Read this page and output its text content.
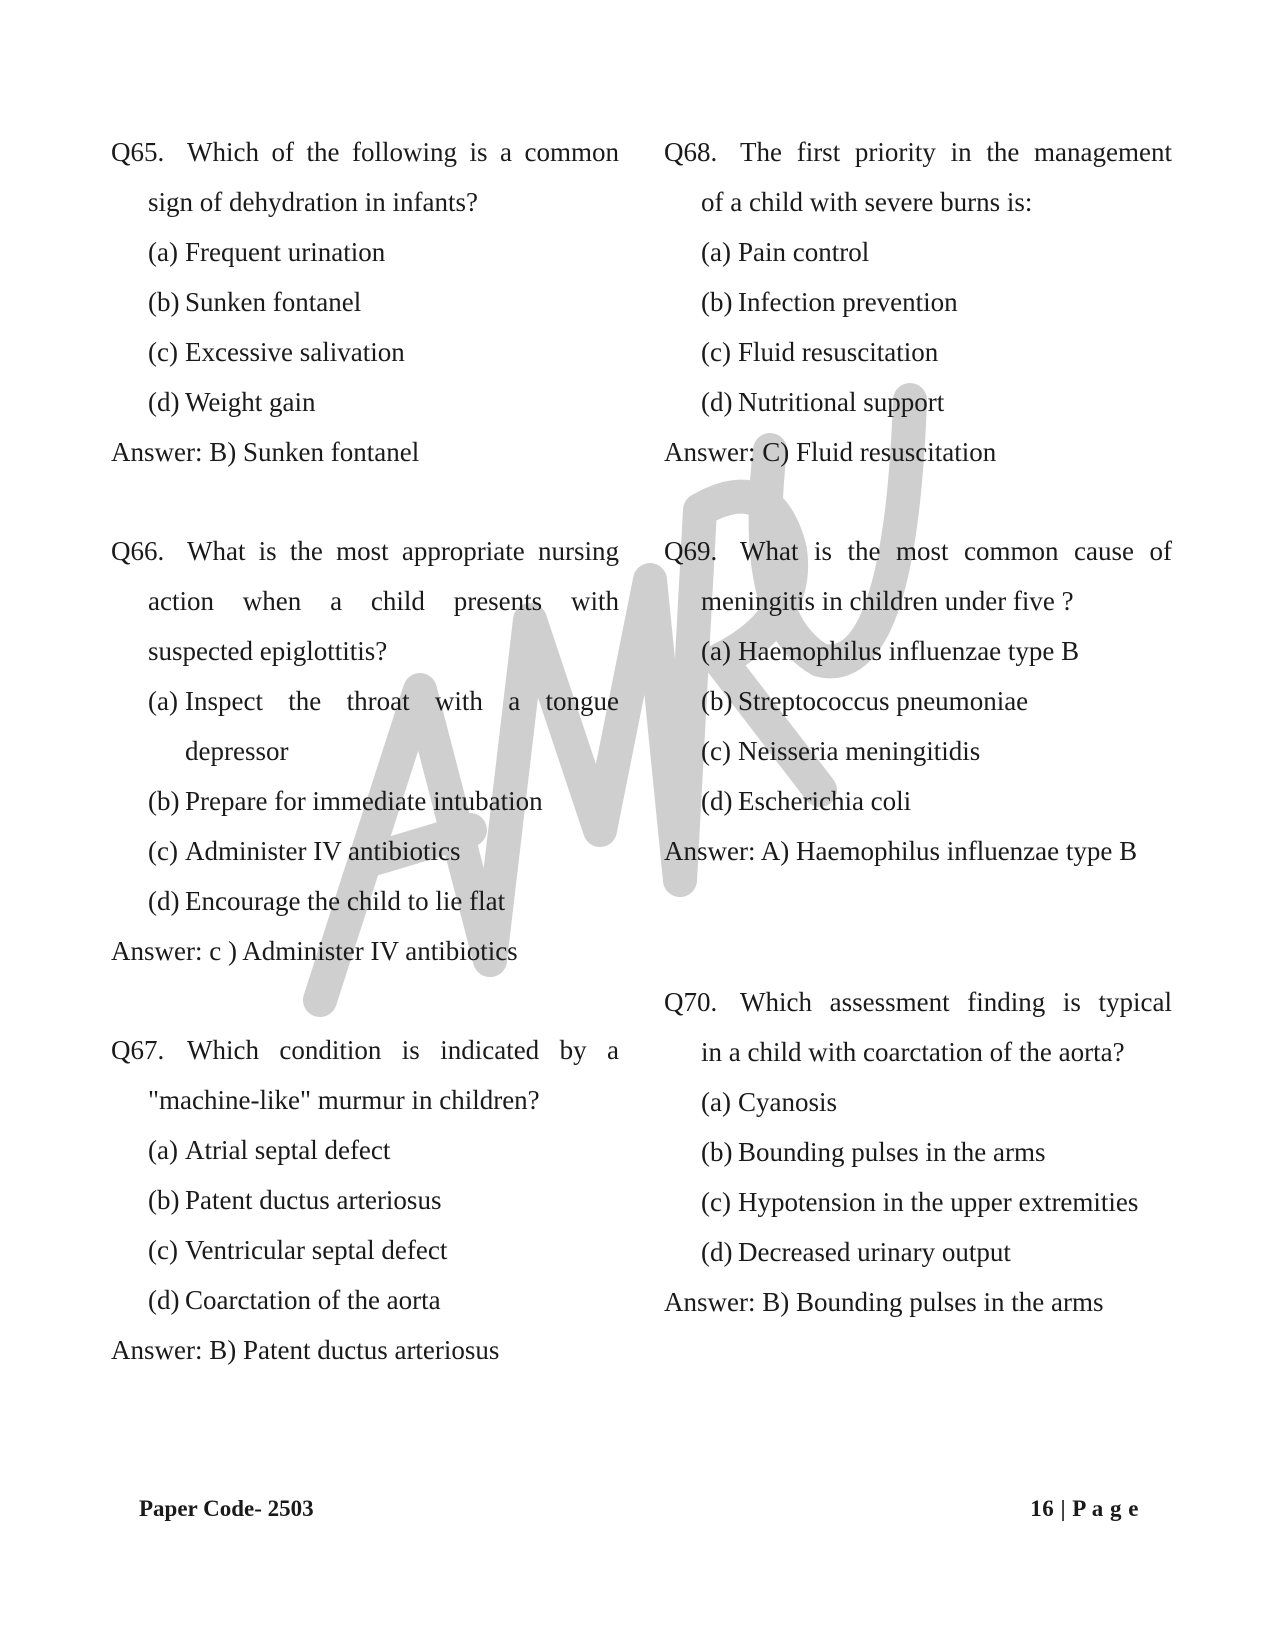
Q65. Which of the following is a common
sign of dehydration in infants?
(a) Frequent urination
(b) Sunken fontanel
(c) Excessive salivation
(d) Weight gain
Answer: B) Sunken fontanel
Q66. What is the most appropriate nursing
action when a child presents with
suspected epiglottitis?
(a) Inspect the throat with a tongue
depressor
(b) Prepare for immediate intubation
(c) Administer IV antibiotics
(d) Encourage the child to lie flat
Answer: c ) Administer IV antibiotics
Q67. Which condition is indicated by a
"machine-like" murmur in children?
(a) Atrial septal defect
(b) Patent ductus arteriosus
(c) Ventricular septal defect
(d) Coarctation of the aorta
Answer: B) Patent ductus arteriosus
Q68. The first priority in the management
of a child with severe burns is:
(a) Pain control
(b) Infection prevention
(c) Fluid resuscitation
(d) Nutritional support
Answer: C) Fluid resuscitation
Q69. What is the most common cause of
meningitis in children under five ?
(a) Haemophilus influenzae type B
(b) Streptococcus pneumoniae
(c) Neisseria meningitidis
(d) Escherichia coli
Answer: A) Haemophilus influenzae type B
Q70. Which assessment finding is typical
in a child with coarctation of the aorta?
(a) Cyanosis
(b) Bounding pulses in the arms
(c) Hypotension in the upper extremities
(d) Decreased urinary output
Answer: B) Bounding pulses in the arms
Paper Code- 2503	16 | P a g e
